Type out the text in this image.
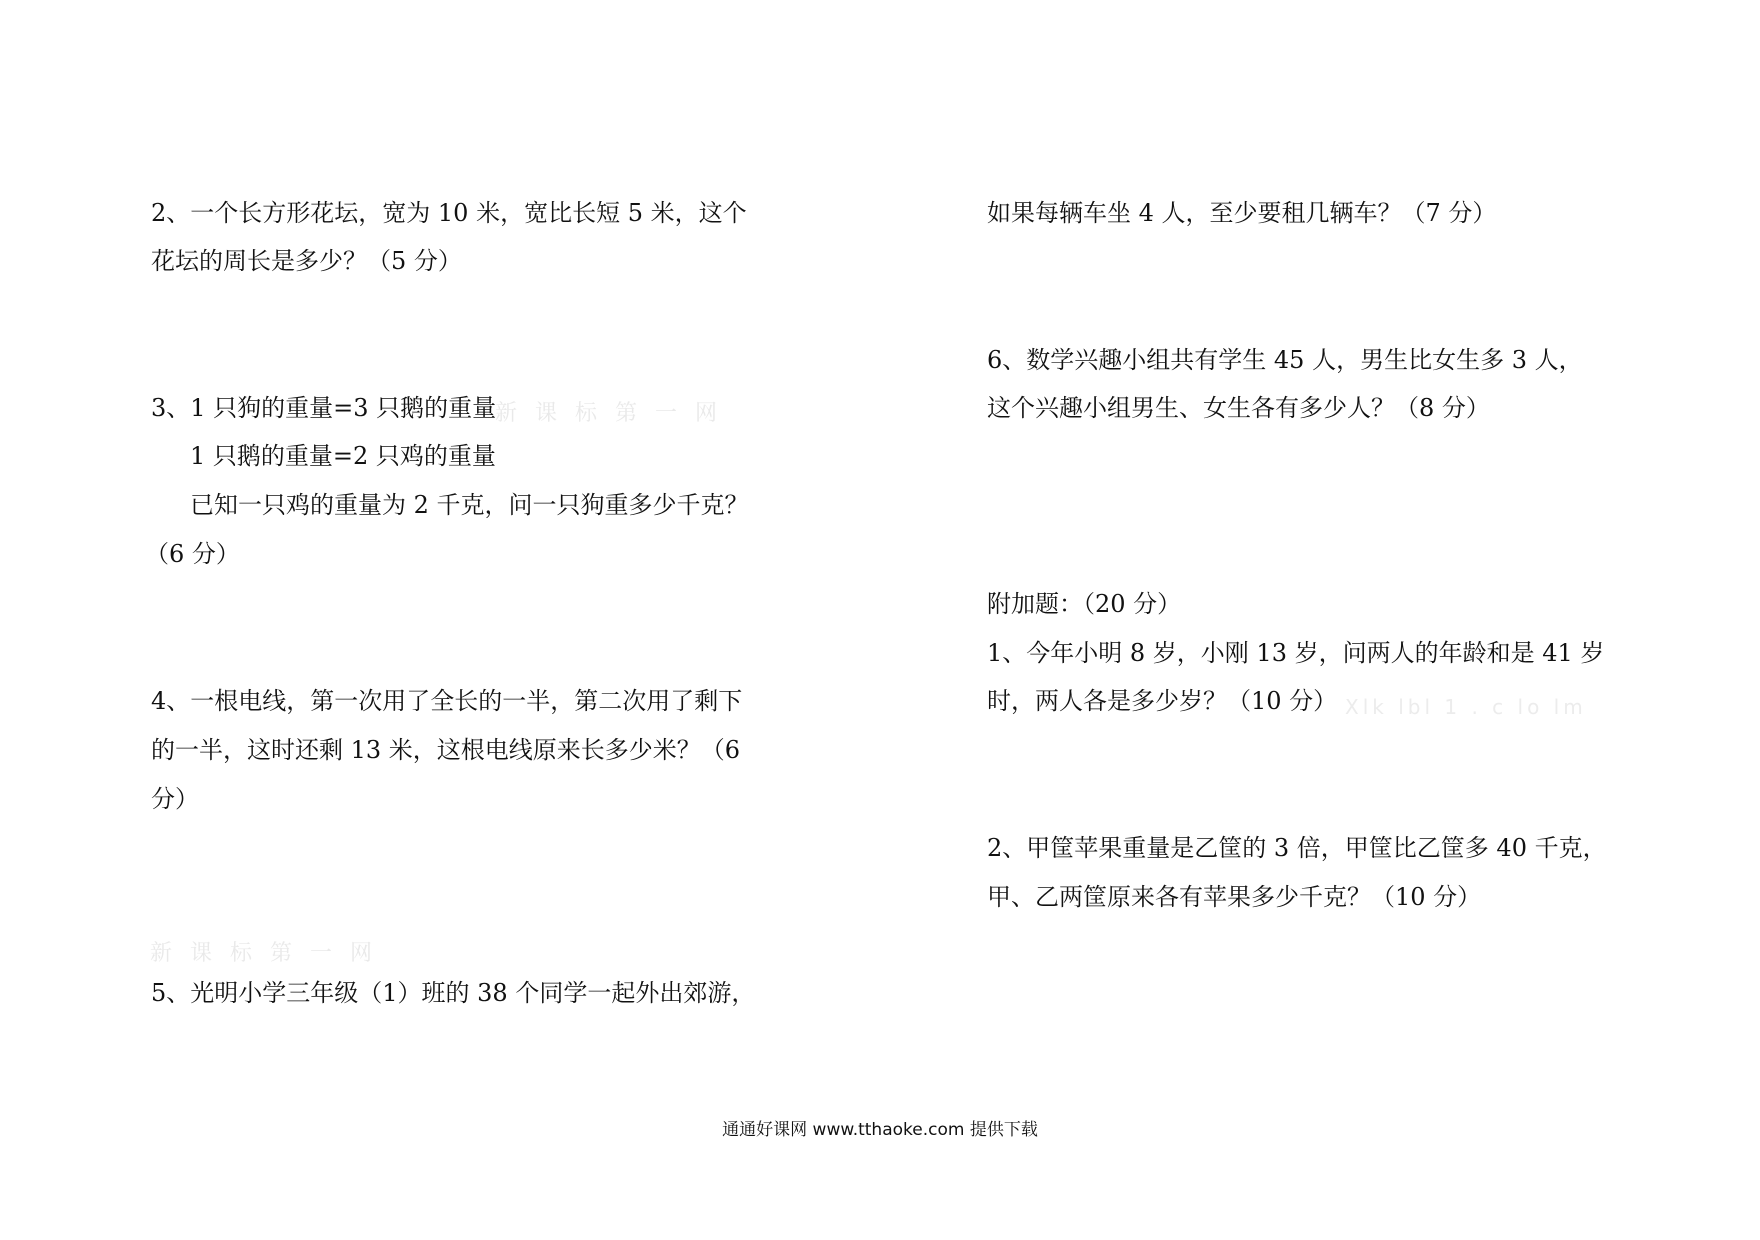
新课标第一网
新课标第一网
Xlk lbl 1 . c lo lm
2、一个长方形花坛，宽为 10 米，宽比长短 5 米，这个
花坛的周长是多少？（5 分）
3、1 只狗的重量=3 只鹅的重量
1 只鹅的重量=2 只鸡的重量
已知一只鸡的重量为 2 千克，问一只狗重多少千克？
（6 分）
4、一根电线，第一次用了全长的一半，第二次用了剩下
的一半，这时还剩 13 米，这根电线原来长多少米？（6
分）
5、光明小学三年级（1）班的 38 个同学一起外出郊游，
如果每辆车坐 4 人，至少要租几辆车？（7 分）
6、数学兴趣小组共有学生 45 人，男生比女生多 3 人，
这个兴趣小组男生、女生各有多少人？（8 分）
附加题：（20 分）
1、今年小明 8 岁，小刚 13 岁，问两人的年龄和是 41 岁
时，两人各是多少岁？（10 分）
2、甲筐苹果重量是乙筐的 3 倍，甲筐比乙筐多 40 千克，
甲、乙两筐原来各有苹果多少千克？（10 分）
通通好课网 www.tthaoke.com 提供下载
